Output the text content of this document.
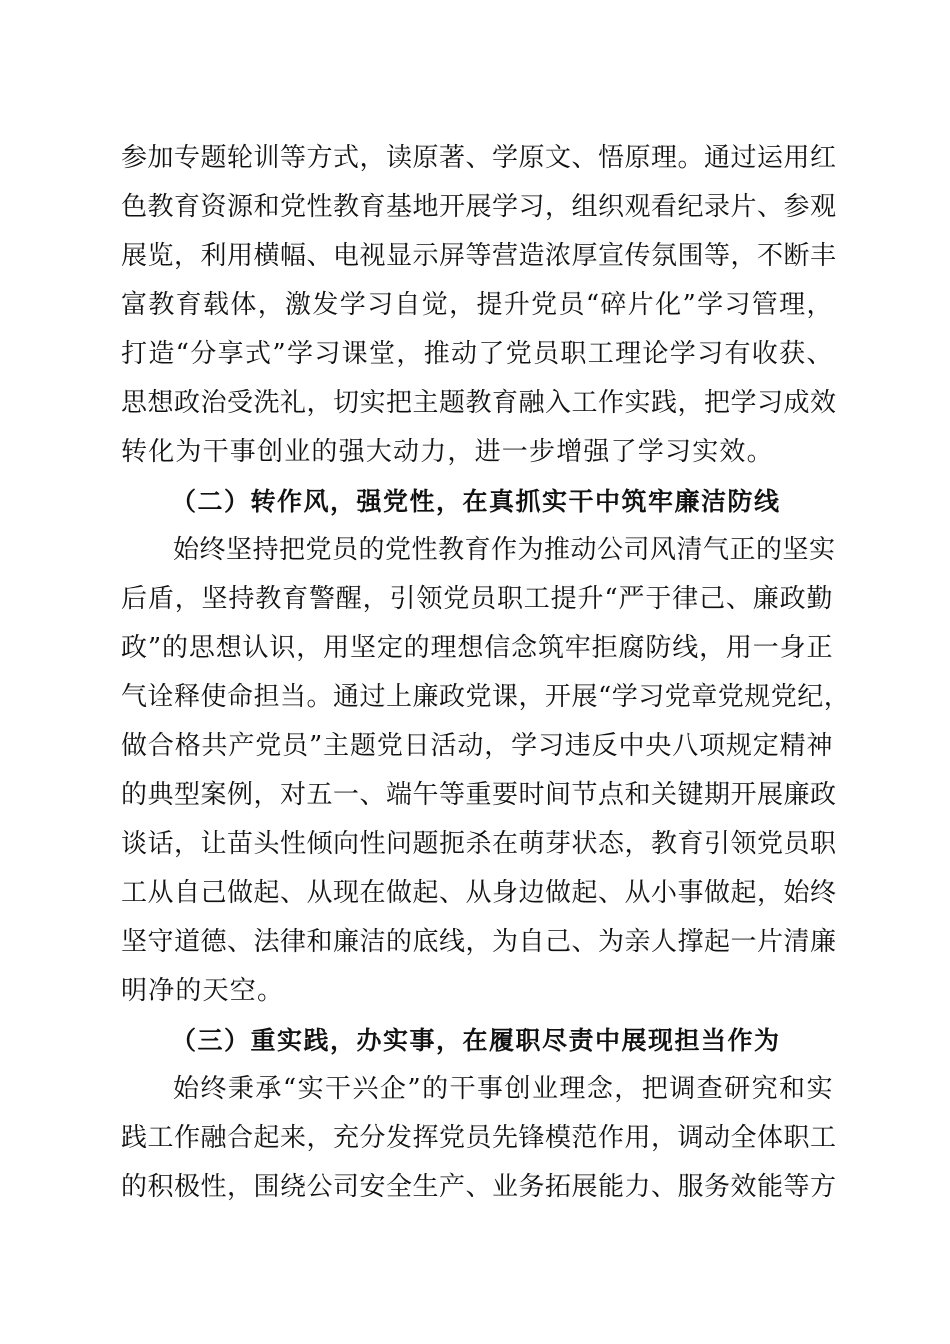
参加专题轮训等方式，读原著、学原文、悟原理。通过运用红
色教育资源和党性教育基地开展学习，组织观看纪录片、参观
展览，利用横幅、电视显示屏等营造浓厚宣传氛围等，不断丰
富教育载体，激发学习自觉，提升党员“碎片化”学习管理，
打造“分享式”学习课堂，推动了党员职工理论学习有收获、
思想政治受洗礼，切实把主题教育融入工作实践，把学习成效
转化为干事创业的强大动力，进一步增强了学习实效。
（二）转作风，强党性，在真抓实干中筑牢廉洁防线
始终坚持把党员的党性教育作为推动公司风清气正的坚实
后盾，坚持教育警醒，引领党员职工提升“严于律己、廉政勤
政”的思想认识，用坚定的理想信念筑牢拒腐防线，用一身正
气诠释使命担当。通过上廉政党课，开展“学习党章党规党纪，
做合格共产党员”主题党日活动，学习违反中央八项规定精神
的典型案例，对五一、端午等重要时间节点和关键期开展廉政
谈话，让苗头性倾向性问题扼杀在萌芽状态，教育引领党员职
工从自己做起、从现在做起、从身边做起、从小事做起，始终
坚守道德、法律和廉洁的底线，为自己、为亲人撑起一片清廉
明净的天空。
（三）重实践，办实事，在履职尽责中展现担当作为
始终秉承“实干兴企”的干事创业理念，把调查研究和实
践工作融合起来，充分发挥党员先锋模范作用，调动全体职工
的积极性，围绕公司安全生产、业务拓展能力、服务效能等方
